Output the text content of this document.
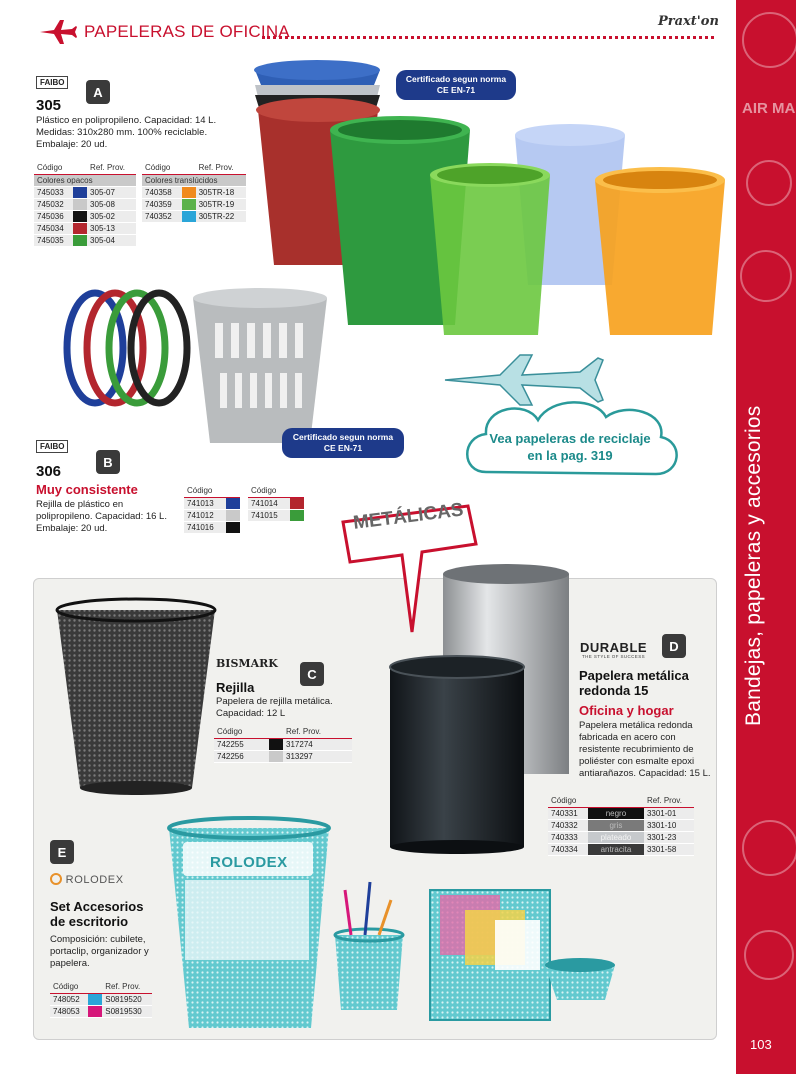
PAPELERAS DE OFICINA
Praxt'on
AIR MAIL
Bandejas, papeleras y accesorios
103
FAIBO
A
305
Plástico en polipropileno. Capacidad: 14 L.
Medidas: 310x280 mm. 100% reciclable.
Embalaje: 20 ud.
Código		Ref. Prov.
Colores opacos		
745033		305-07
745032		305-08
745036		305-02
745034		305-13
745035		305-04
Código		Ref. Prov.
Colores translúcidos		
740358		305TR-18
740359		305TR-19
740352		305TR-22
Certificado segun norma
CE EN-71
Certificado segun norma
CE EN-71
FAIBO
B
306
Muy consistente
Rejilla de plástico en
polipropileno. Capacidad: 16 L.
Embalaje: 20 ud.
Código	
741013	
741012	
741016	
Código	
741014	
741015	
Vea papeleras de reciclaje
en la pag. 319
METÁLICAS
BISMARK
C
Rejilla
Papelera de rejilla metálica.
Capacidad: 12 L
Código		Ref. Prov.
742255		317274
742256		313297
DURABLE
THE STYLE OF SUCCESS
D
Papelera metálica
redonda 15
Oficina y hogar
Papelera metálica redonda
fabricada en acero con
resistente recubrimiento de
poliéster con esmalte epoxi
antiarañazos. Capacidad: 15 L.
Código		Ref. Prov.
740331	negro	3301-01
740332	gris	3301-10
740333	plateado	3301-23
740334	antracita	3301-58
E
ROLODEX
Set Accesorios
de escritorio
Composición: cubilete,
portaclip, organizador y
papelera.
Código		Ref. Prov.
748052		S0819520
748053		S0819530
ROLODEX
